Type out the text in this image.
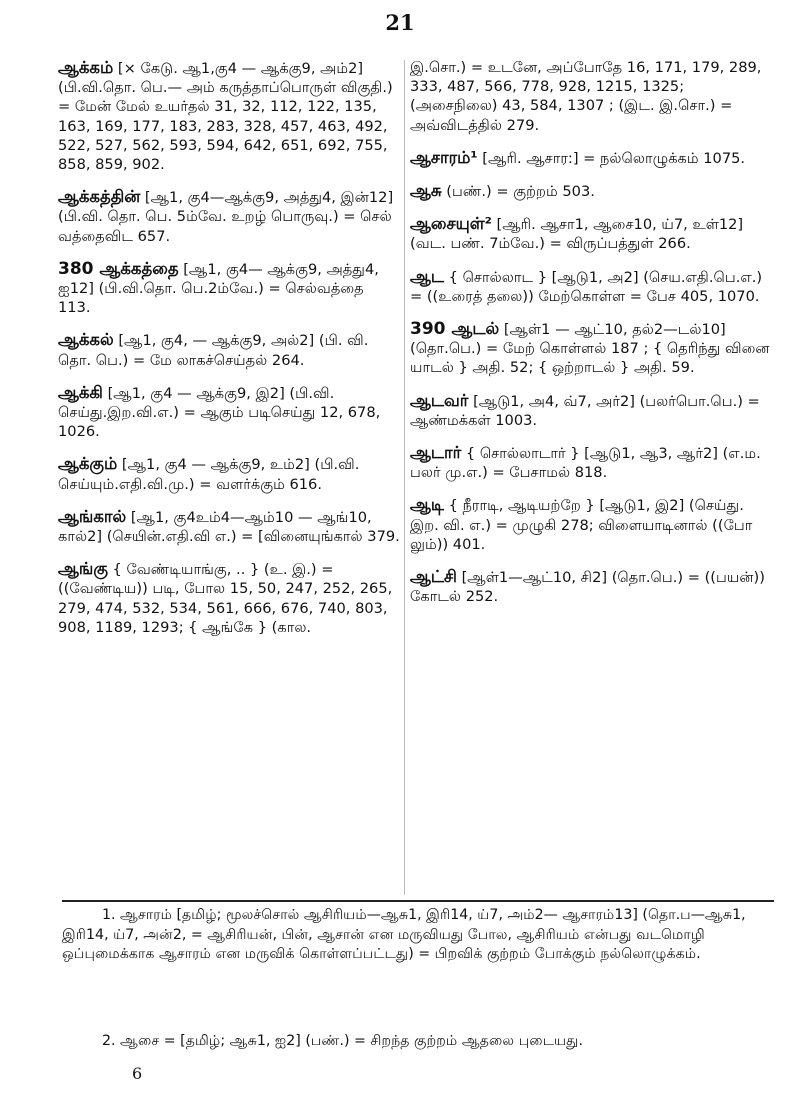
21
ஆக்கம் [× கேடு. ஆ1,கு4 — ஆக்கு9, அம்2] (பி.வி.தொ. பெ.— அம் கருத்தாப்பொருள் விகுதி.) = மேன் மேல் உயர்தல் 31, 32, 112, 122, 135, 163, 169, 177, 183, 283, 328, 457, 463, 492, 522, 527, 562, 593, 594, 642, 651, 692, 755, 858, 859, 902.
ஆக்கத்தின் [ஆ1, கு4—ஆக்கு9, அத்து4, இன்12] (பி.வி. தொ. பெ. 5ம்வே. உறழ் பொருவு.) = செல் வத்தைவிட 657.
380 ஆக்கத்தை [ஆ1, கு4— ஆக்கு9, அத்து4, ஐ12] (பி.வி.தொ. பெ.2ம்வே.) = செல்வத்தை 113.
ஆக்கல் [ஆ1, கு4, — ஆக்கு9, அல்2] (பி. வி. தொ. பெ.) = மே லாகச்செய்தல் 264.
ஆக்கி [ஆ1, கு4 — ஆக்கு9, இ2] (பி.வி. செய்து.இற.வி.எ.) = ஆகும் படிசெய்து 12, 678, 1026.
ஆக்கும் [ஆ1, கு4 — ஆக்கு9, உம்2] (பி.வி. செய்யும்.எதி.வி.மு.) = வளர்க்கும் 616.
ஆங்கால் [ஆ1, கு4உம்4—ஆம்10 — ஆங்10, கால்2] (செயின்.எதி.வி எ.) = [வினையுங்கால் 379.
ஆங்கு { வேண்டியாங்கு, .. } (உ. இ.) = ((வேண்டிய)) படி, போல 15, 50, 247, 252, 265, 279, 474, 532, 534, 561, 666, 676, 740, 803, 908, 1189, 1293; { ஆங்கே } (கால.
இ.சொ.) = உடனே, அப்போதே 16, 171, 179, 289, 333, 487, 566, 778, 928, 1215, 1325; (அசைநிலை) 43, 584, 1307 ; (இட. இ.சொ.) = அவ்விடத்தில் 279.
ஆசாரம்¹ [ஆரி. ஆசார:] = நல்லொழுக்கம் 1075.
ஆசு (பண்.) = குற்றம் 503.
ஆசையுள்² [ஆரி. ஆசா1, ஆசை10, ய்7, உள்12] (வட. பண். 7ம்வே.) = விருப்பத்துள் 266.
ஆட { சொல்லாட } [ஆடு1, அ2] (செய.எதி.பெ.எ.) = ((உரைத் தலை)) மேற்கொள்ள = பேச 405, 1070.
390 ஆடல் [ஆள்1 — ஆட்10, தல்2—டல்10] (தொ.பெ.) = மேற் கொள்ளல் 187 ; { தெரிந்து வினை யாடல் } அதி. 52; { ஒற்றாடல் } அதி. 59.
ஆடவர் [ஆடு1, அ4, வ்7, அர்2] (பலர்பொ.பெ.) = ஆண்மக்கள் 1003.
ஆடார் { சொல்லாடார் } [ஆடு1, ஆ3, ஆர்2] (எ.ம. பலர் மு.எ.) = பேசாமல் 818.
ஆடி { நீராடி, ஆடியற்றே } [ஆடு1, இ2] (செய்து. இற. வி. எ.) = முழுகி 278; விளையாடினால் ((போ லும்)) 401.
ஆட்சி [ஆள்1—ஆட்10, சி2] (தொ.பெ.) = ((பயன்)) கோடல் 252.
1. ஆசாரம் [தமிழ்; மூலச்சொல் ஆசிரியம்—ஆசு1, இரி14, ய்7, அம்2— ஆசாரம்13] (தொ.ப—ஆசு1, இரி14, ய்7, அன்2, = ஆசிரியன், பின், ஆசான் என மருவியது போல, ஆசிரியம் என்பது வடமொழி ஒப்புமைக்காக ஆசாரம் என மருவிக் கொள்ளப்பட்டது) = பிறவிக் குற்றம் போக்கும் நல்லொழுக்கம்.
2. ஆசை = [தமிழ்; ஆசு1, ஐ2] (பண்.) = சிறந்த குற்றம் ஆதலை புடையது.
6
